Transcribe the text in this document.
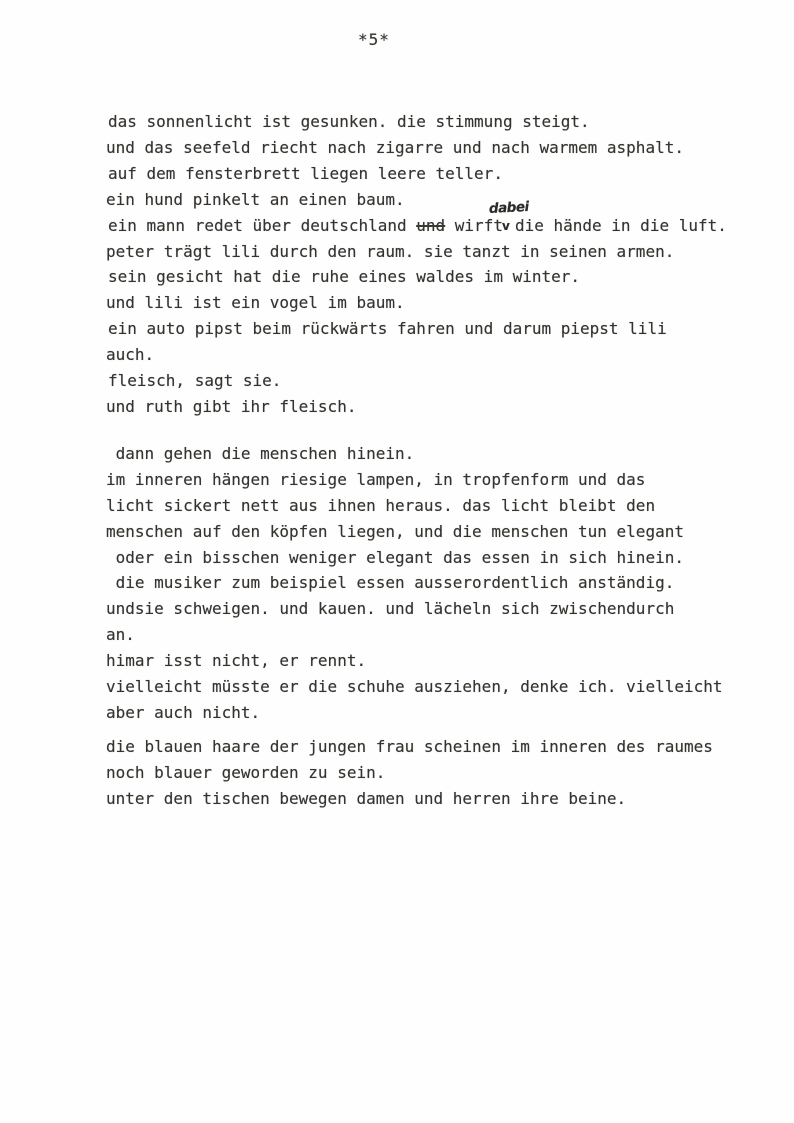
*5*
das sonnenlicht ist gesunken. die stimmung steigt.
und das seefeld riecht nach zigarre und nach warmem asphalt.
auf dem fensterbrett liegen leere teller.
ein hund pinkelt an einen baum.
ein mann redet über deutschland und wirft v
dabei
die hände in die luft.
peter trägt lili durch den raum. sie tanzt in seinen armen.
sein gesicht hat die ruhe eines waldes im winter.
und lili ist ein vogel im baum.
ein auto pipst beim rückwärts fahren und darum piepst lili
auch.
fleisch, sagt sie.
und ruth gibt ihr fleisch.
dann gehen die menschen hinein.
im inneren hängen riesige lampen, in tropfenform und das
licht sickert nett aus ihnen heraus. das licht bleibt den
menschen auf den köpfen liegen, und die menschen tun elegant
oder ein bisschen weniger elegant das essen in sich hinein.
die musiker zum beispiel essen ausserordentlich anständig.
undsie schweigen. und kauen. und lächeln sich zwischendurch
an.
himar isst nicht, er rennt.
vielleicht müsste er die schuhe ausziehen, denke ich. vielleicht
aber auch nicht.
die blauen haare der jungen frau scheinen im inneren des raumes
noch blauer geworden zu sein.
unter den tischen bewegen damen und herren ihre beine.
